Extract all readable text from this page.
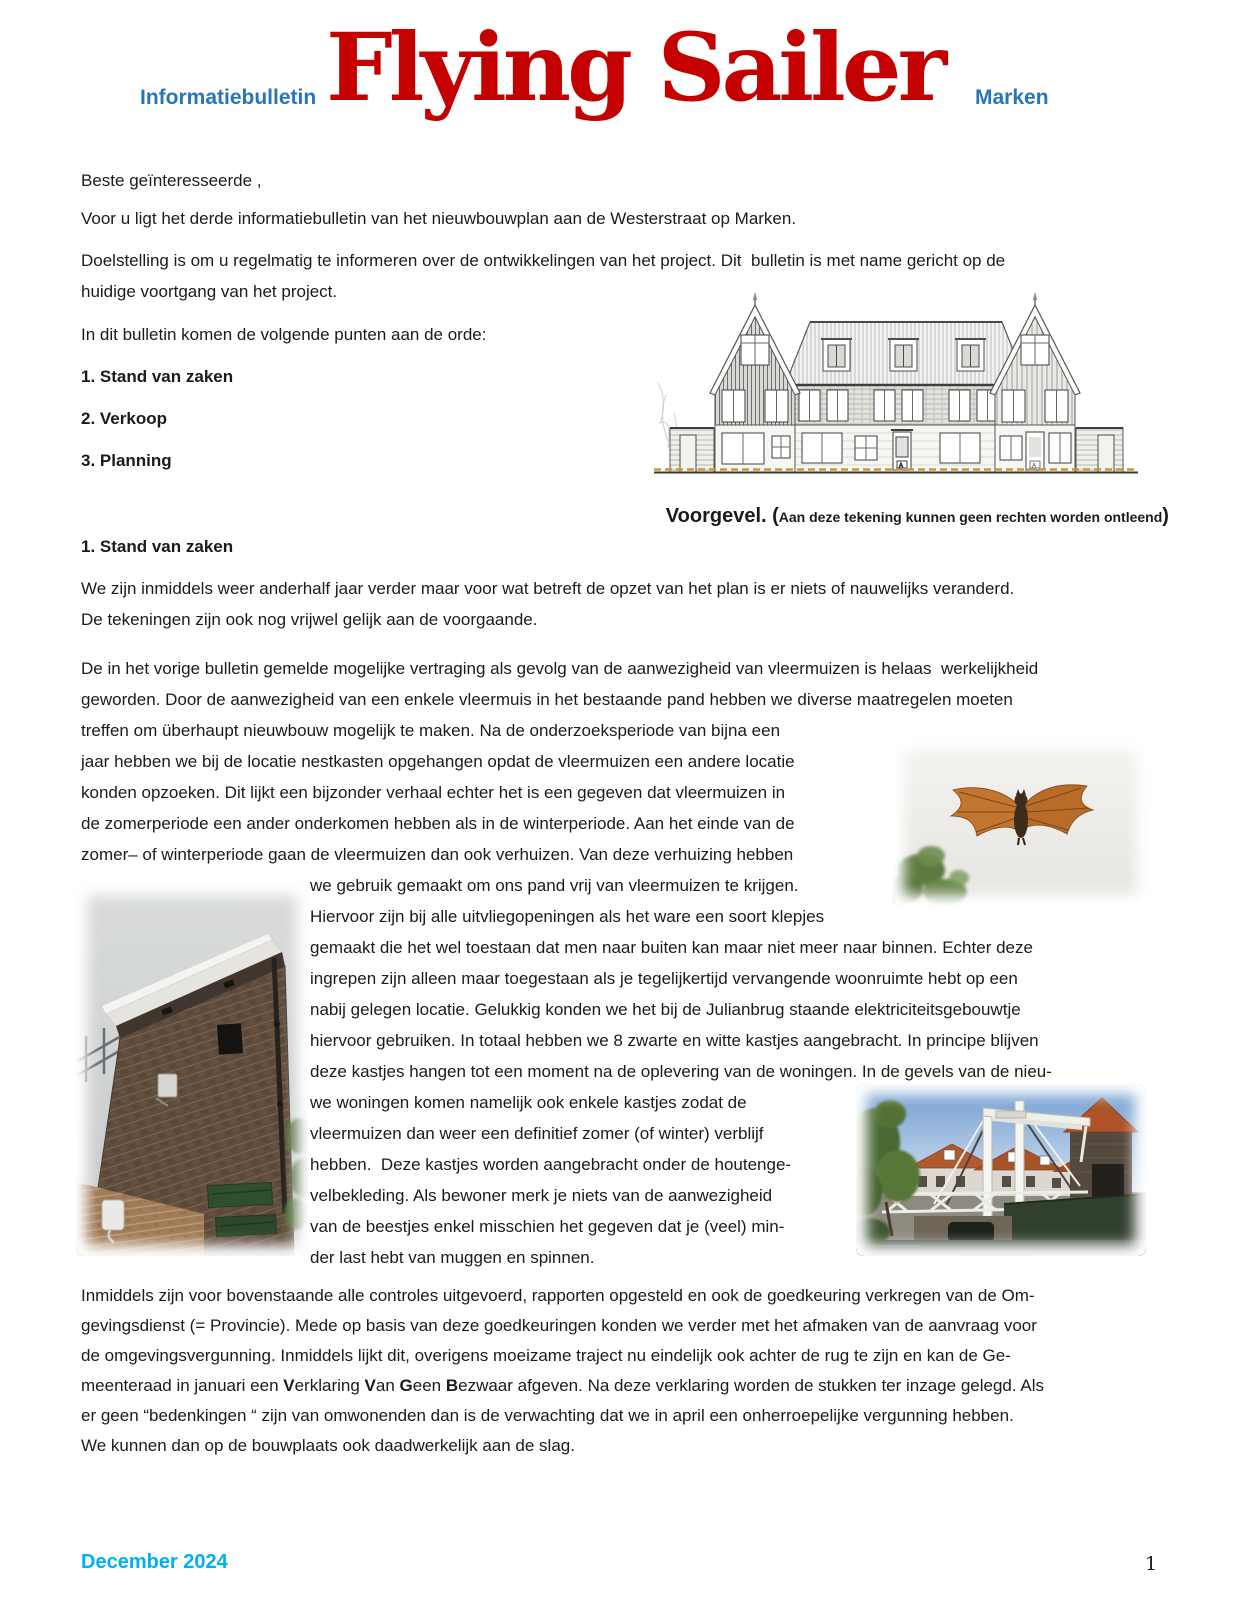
Informatiebulletin Flying Sailer Marken
Beste geïnteresseerde ,
Voor u ligt het derde informatiebulletin van het nieuwbouwplan aan de Westerstraat op Marken.
Doelstelling is om u regelmatig te informeren over de ontwikkelingen van het project. Dit  bulletin is met name gericht op de
huidige voortgang van het project.
In dit bulletin komen de volgende punten aan de orde:
1. Stand van zaken
2. Verkoop
3. Planning	A	A

Voorgevel. (Aan deze tekening kunnen geen rechten worden ontleend)

1. Stand van zaken
We zijn inmiddels weer anderhalf jaar verder maar voor wat betreft de opzet van het plan is er niets of nauwelijks veranderd.
De tekeningen zijn ook nog vrijwel gelijk aan de voorgaande.
De in het vorige bulletin gemelde mogelijke vertraging als gevolg van de aanwezigheid van vleermuizen is helaas  werkelijkheid
geworden. Door de aanwezigheid van een enkele vleermuis in het bestaande pand hebben we diverse maatregelen moeten
treffen om überhaupt nieuwbouw mogelijk te maken. Na de onderzoeksperiode van bijna een
jaar hebben we bij de locatie nestkasten opgehangen opdat de vleermuizen een andere locatie
konden opzoeken. Dit lijkt een bijzonder verhaal echter het is een gegeven dat vleermuizen in
de zomerperiode een ander onderkomen hebben als in de winterperiode. Aan het einde van de
zomer– of winterperiode gaan de vleermuizen dan ook verhuizen. Van deze verhuizing hebben
we gebruik gemaakt om ons pand vrij van vleermuizen te krijgen.
Hiervoor zijn bij alle uitvliegopeningen als het ware een soort klepjes
gemaakt die het wel toestaan dat men naar buiten kan maar niet meer naar binnen. Echter deze
ingrepen zijn alleen maar toegestaan als je tegelijkertijd vervangende woonruimte hebt op een
nabij gelegen locatie. Gelukkig konden we het bij de Julianbrug staande elektriciteitsgebouwtje
hiervoor gebruiken. In totaal hebben we 8 zwarte en witte kastjes aangebracht. In principe blijven
deze kastjes hangen tot een moment na de oplevering van de woningen. In de gevels van de nieu-
we woningen komen namelijk ook enkele kastjes zodat de
vleermuizen dan weer een definitief zomer (of winter) verblijf
hebben.  Deze kastjes worden aangebracht onder de houtenge-
velbekleding. Als bewoner merk je niets van de aanwezigheid
van de beestjes enkel misschien het gegeven dat je (veel) min-
der last hebt van muggen en spinnen.
Inmiddels zijn voor bovenstaande alle controles uitgevoerd, rapporten opgesteld en ook de goedkeuring verkregen van de Om-
gevingsdienst (= Provincie). Mede op basis van deze goedkeuringen konden we verder met het afmaken van de aanvraag voor
de omgevingsvergunning. Inmiddels lijkt dit, overigens moeizame traject nu eindelijk ook achter de rug te zijn en kan de Ge-
meenteraad in januari een Verklaring Van Geen Bezwaar afgeven. Na deze verklaring worden de stukken ter inzage gelegd. Als
er geen “bedenkingen “ zijn van omwonenden dan is de verwachting dat we in april een onherroepelijke vergunning hebben.
We kunnen dan op de bouwplaats ook daadwerkelijk aan de slag.
December 2024	1
